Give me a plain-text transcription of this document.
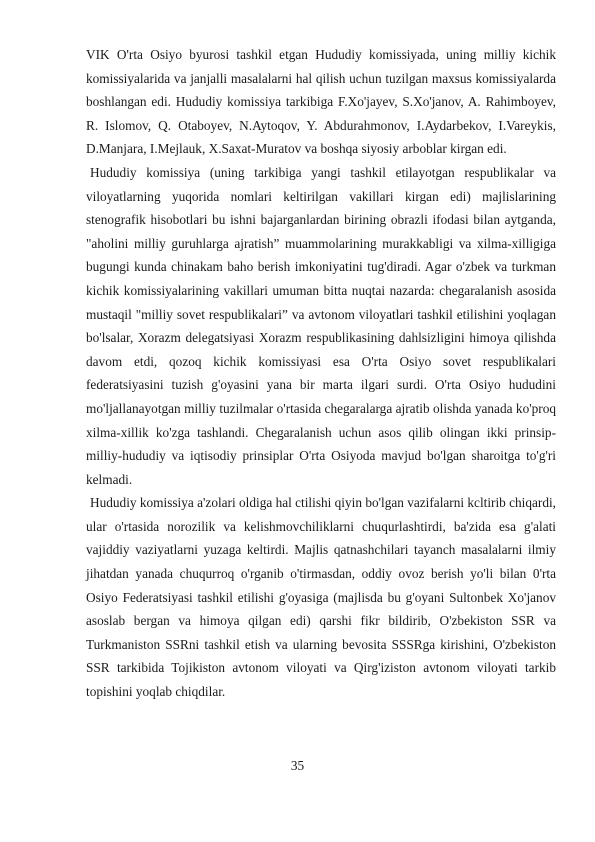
VIK O'rta Osiyo byurosi tashkil etgan Hududiy komissiyada, uning milliy kichik komissiyalarida va janjalli masalalarni hal qilish uchun tuzilgan maxsus komissiyalarda boshlangan edi. Hududiy komissiya tarkibiga F.Xo'jayev, S.Xo'janov, A. Rahimboyev, R. Islomov, Q. Otaboyev, N.Aytoqov, Y. Abdurahmonov, I.Aydarbekov, I.Vareykis, D.Manjara, I.Mejlauk, X.Saxat-Muratov va boshqa siyosiy arboblar kirgan edi.

Hududiy komissiya (uning tarkibiga yangi tashkil etilayotgan respublikalar va viloyatlarning yuqorida nomlari keltirilgan vakillari kirgan edi) majlislarining stenografik hisobotlari bu ishni bajarganlardan birining obrazli ifodasi bilan aytganda, "aholini milliy guruhlarga ajratish” muammolarining murakkabligi va xilma-xilligiga bugungi kunda chinakam baho berish imkoniyatini tug'diradi. Agar o'zbek va turkman kichik komissiyalarining vakillari umuman bitta nuqtai nazarda: chegaralanish asosida mustaqil "milliy sovet respublikalari” va avtonom viloyatlari tashkil etilishini yoqlagan bo'lsalar, Xorazm delegatsiyasi Xorazm respublikasining dahlsizligini himoya qilishda davom etdi, qozoq kichik komissiyasi esa O'rta Osiyo sovet respublikalari federatsiyasini tuzish g'oyasini yana bir marta ilgari surdi. O'rta Osiyo hududini mo'ljallanayotgan milliy tuzilmalar o'rtasida chegaralarga ajratib olishda yanada ko'proq xilma-xillik ko'zga tashlandi. Chegaralanish uchun asos qilib olingan ikki prinsip-milliy-hududiy va iqtisodiy prinsiplar O'rta Osiyoda mavjud bo'lgan sharoitga to'g'ri kelmadi.

Hududiy komissiya a'zolari oldiga hal ctilishi qiyin bo'lgan vazifalarni kcltirib chiqardi, ular o'rtasida norozilik va kelishmovchiliklarni chuqurlashtirdi, ba'zida esa g'alati vajiddiy vaziyatlarni yuzaga keltirdi. Majlis qatnashchilari tayanch masalalarni ilmiy jihatdan yanada chuqurroq o'rganib o'tirmasdan, oddiy ovoz berish yo'li bilan 0'rta Osiyo Federatsiyasi tashkil etilishi g'oyasiga (majlisda bu g'oyani Sultonbek Xo'janov asoslab bergan va himoya qilgan edi) qarshi fikr bildirib, O'zbekiston SSR va Turkmaniston SSRni tashkil etish va ularning bevosita SSSRga kirishini, O'zbekiston SSR tarkibida Tojikiston avtonom viloyati va Qirg'iziston avtonom viloyati tarkib topishini yoqlab chiqdilar.

35
